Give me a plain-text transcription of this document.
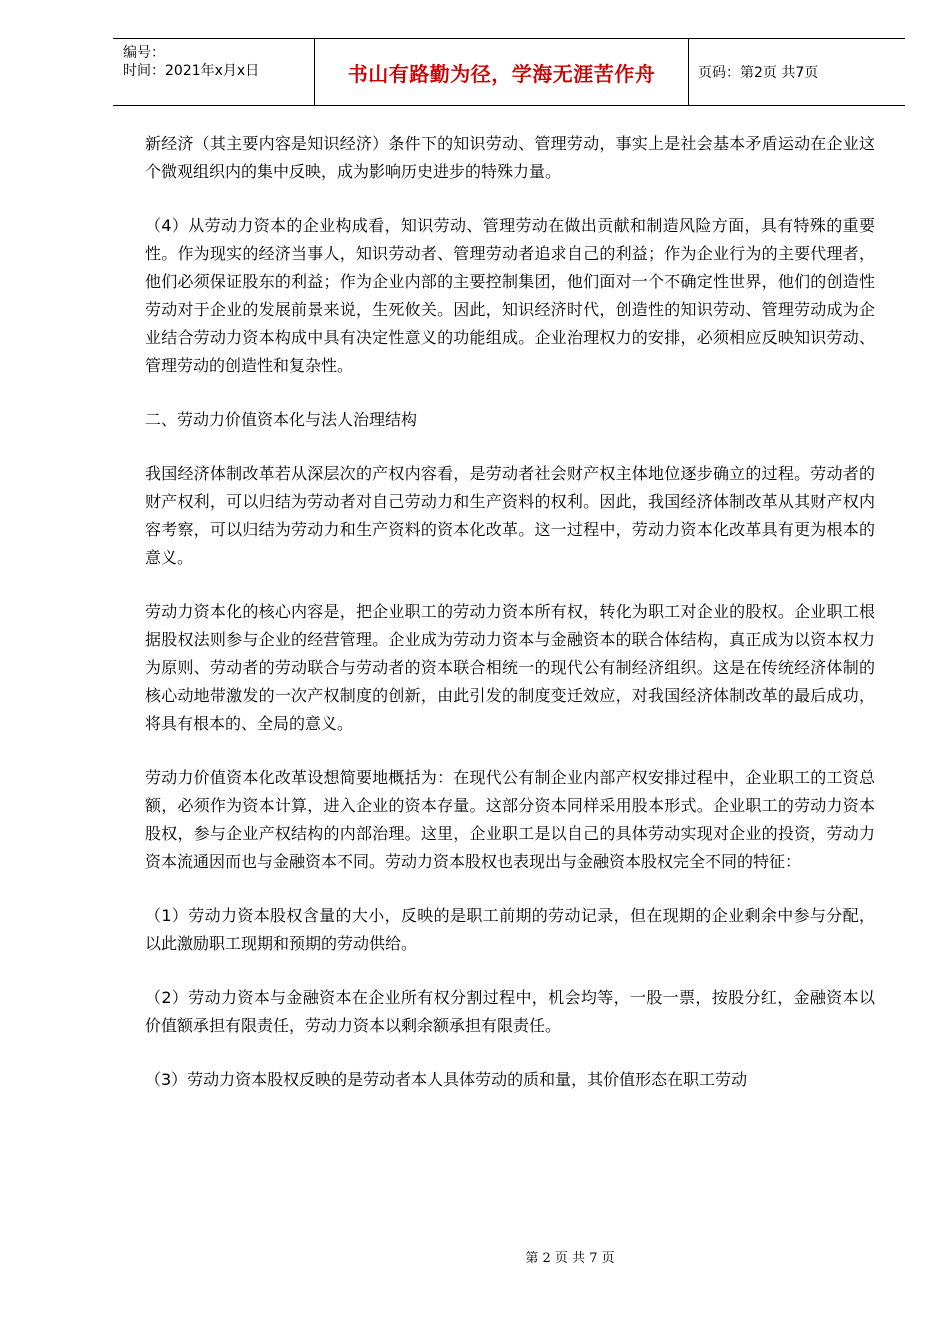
编号：
时间：2021年x月x日	书山有路勤为径，学海无涯苦作舟	页码：第2页 共7页

新经济（其主要内容是知识经济）条件下的知识劳动、管理劳动，事实上是社会基本矛盾运动在企业这个微观组织内的集中反映，成为影响历史进步的特殊力量。

（4）从劳动力资本的企业构成看，知识劳动、管理劳动在做出贡献和制造风险方面，具有特殊的重要性。作为现实的经济当事人，知识劳动者、管理劳动者追求自己的利益；作为企业行为的主要代理者，他们必须保证股东的利益；作为企业内部的主要控制集团，他们面对一个不确定性世界，他们的创造性劳动对于企业的发展前景来说，生死攸关。因此，知识经济时代，创造性的知识劳动、管理劳动成为企业结合劳动力资本构成中具有决定性意义的功能组成。企业治理权力的安排，必须相应反映知识劳动、管理劳动的创造性和复杂性。

二、劳动力价值资本化与法人治理结构

我国经济体制改革若从深层次的产权内容看，是劳动者社会财产权主体地位逐步确立的过程。劳动者的财产权利，可以归结为劳动者对自己劳动力和生产资料的权利。因此，我国经济体制改革从其财产权内容考察，可以归结为劳动力和生产资料的资本化改革。这一过程中，劳动力资本化改革具有更为根本的意义。

劳动力资本化的核心内容是，把企业职工的劳动力资本所有权，转化为职工对企业的股权。企业职工根据股权法则参与企业的经营管理。企业成为劳动力资本与金融资本的联合体结构，真正成为以资本权力为原则、劳动者的劳动联合与劳动者的资本联合相统一的现代公有制经济组织。这是在传统经济体制的核心动地带激发的一次产权制度的创新，由此引发的制度变迁效应，对我国经济体制改革的最后成功，将具有根本的、全局的意义。

劳动力价值资本化改革设想简要地概括为：在现代公有制企业内部产权安排过程中，企业职工的工资总额，必须作为资本计算，进入企业的资本存量。这部分资本同样采用股本形式。企业职工的劳动力资本股权，参与企业产权结构的内部治理。这里，企业职工是以自己的具体劳动实现对企业的投资，劳动力资本流通因而也与金融资本不同。劳动力资本股权也表现出与金融资本股权完全不同的特征：

（1）劳动力资本股权含量的大小，反映的是职工前期的劳动记录，但在现期的企业剩余中参与分配，以此激励职工现期和预期的劳动供给。

（2）劳动力资本与金融资本在企业所有权分割过程中，机会均等，一股一票，按股分红，金融资本以价值额承担有限责任，劳动力资本以剩余额承担有限责任。

（3）劳动力资本股权反映的是劳动者本人具体劳动的质和量，其价值形态在职工劳动

第 2 页 共 7 页
